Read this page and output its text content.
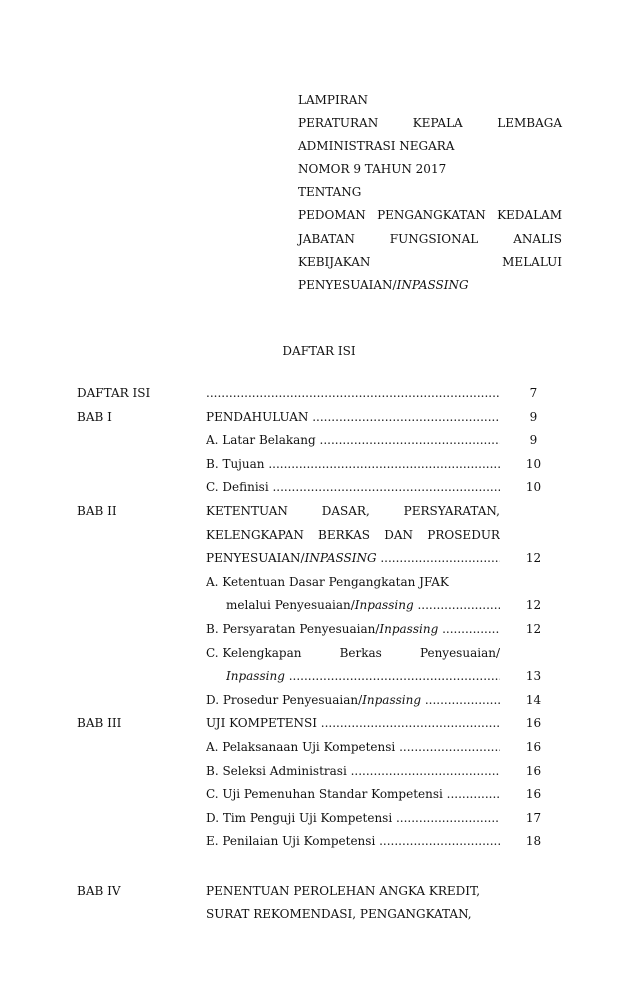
LAMPIRAN
PERATURAN	KEPALA	LEMBAGA
ADMINISTRASI NEGARA
NOMOR 9 TAHUN 2017
TENTANG
PEDOMAN PENGANGKATAN KEDALAM
JABATAN	FUNGSIONAL	ANALIS
KEBIJAKAN	MELALUI
PENYESUAIAN/INPASSING
DAFTAR ISI
DAFTAR ISI .....	7
BAB I	PENDAHULUAN .....	9
A. Latar Belakang .....	9
B. Tujuan .....	10
C. Definisi .....	10
BAB II	KETENTUAN	DASAR,	PERSYARATAN,
KELENGKAPAN BERKAS DAN PROSEDUR
PENYESUAIAN/INPASSING .....	12
A. Ketentuan Dasar Pengangkatan JFAK
melalui Penyesuaian/Inpassing .....	12
B. Persyaratan Penyesuaian/Inpassing .....	12
C. Kelengkapan	Berkas	Penyesuaian/
Inpassing .....	13
D. Prosedur Penyesuaian/Inpassing .....	14
BAB III	UJI KOMPETENSI .....	16
A. Pelaksanaan Uji Kompetensi .....	16
B. Seleksi Administrasi .....	16
C. Uji Pemenuhan Standar Kompetensi .....	16
D. Tim Penguji Uji Kompetensi .....	17
E. Penilaian Uji Kompetensi .....	18
BAB IV	PENENTUAN PEROLEHAN ANGKA KREDIT,
SURAT REKOMENDASI, PENGANGKATAN,
